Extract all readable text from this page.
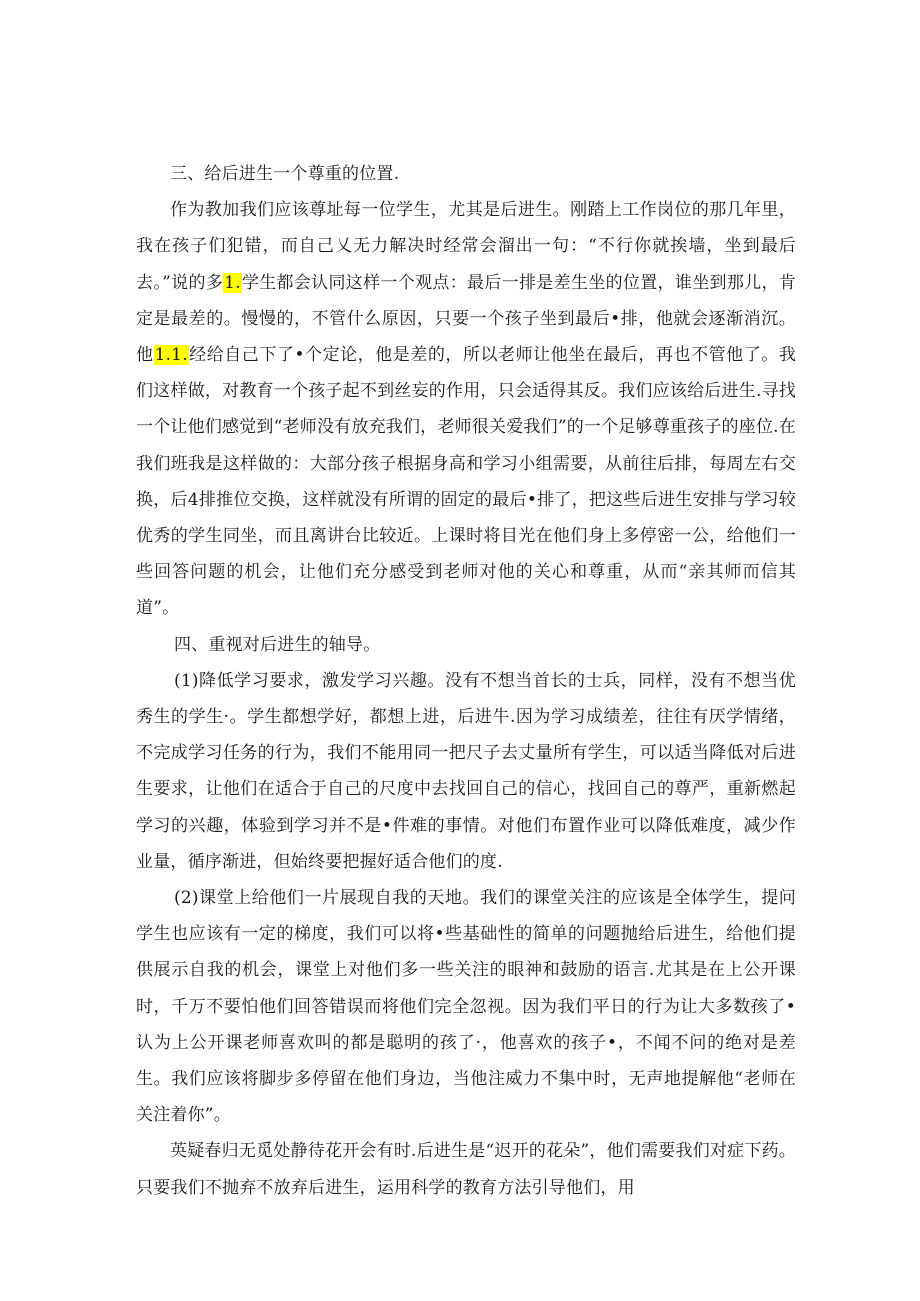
三、给后进生一个尊重的位置.

作为教加我们应该尊址每一位学生，尤其是后进生。刚踏上工作岗位的那几年里，我在孩子们犯错，而自己乂无力解决时经常会溜出一句：“不行你就挨墙，坐到最后去。”说的多1.学生都会认同这样一个观点：最后一排是差生坐的位置，谁坐到那儿，肯定是最差的。慢慢的，不管什么原因，只要一个孩子坐到最后•排，他就会逐渐消沉。他1.1.经给自己下了•个定论，他是差的，所以老师让他坐在最后，再也不管他了。我们这样做，对教育一个孩子起不到丝妄的作用，只会适得其反。我们应该给后进生.寻找一个让他们感觉到“老师没有放充我们，老师很关爱我们”的一个足够尊重孩子的座位.在我们班我是这样做的：大部分孩子根据身高和学习小组需要，从前往后排，每周左右交换，后4排推位交换，这样就没有所谓的固定的最后•排了，把这些后进生安排与学习较优秀的学生同坐，而且离讲台比较近。上课时将目光在他们身上多停密一公，给他们一些回答问题的机会，让他们充分感受到老师对他的关心和尊重，从而“亲其师而信其道”。

四、重视对后进生的轴导。

(1)降低学习要求，激发学习兴趣。没有不想当首长的士兵，同样，没有不想当优秀生的学生·。学生都想学好，都想上进，后进牛.因为学习成绩差，往往有厌学情绪，不完成学习任务的行为，我们不能用同一把尺子去丈量所有学生，可以适当降低对后进生要求，让他们在适合于自己的尺度中去找回自己的信心，找回自己的尊严，重新燃起学习的兴趣，体验到学习并不是•件难的事情。对他们布置作业可以降低难度，减少作业量，循序渐进，但始终要把握好适合他们的度.

(2)课堂上给他们一片展现自我的天地。我们的课堂关注的应该是全体学生，提问学生也应该有一定的梯度，我们可以将•些基础性的简单的问题抛给后进生，给他们提供展示自我的机会，课堂上对他们多一些关注的眼神和鼓励的语言.尤其是在上公开课时，千万不要怕他们回答错误而将他们完全忽视。因为我们平日的行为让大多数孩了•认为上公开课老师喜欢叫的都是聪明的孩了·，他喜欢的孩子•，不闻不问的绝对是差生。我们应该将脚步多停留在他们身边，当他注威力不集中时，无声地提解他“老师在关注着你”。

英疑春归无觅处静待花开会有时.后进生是“迟开的花朵”，他们需要我们对症下药。只要我们不抛弃不放弃后进生，运用科学的教育方法引导他们，用
